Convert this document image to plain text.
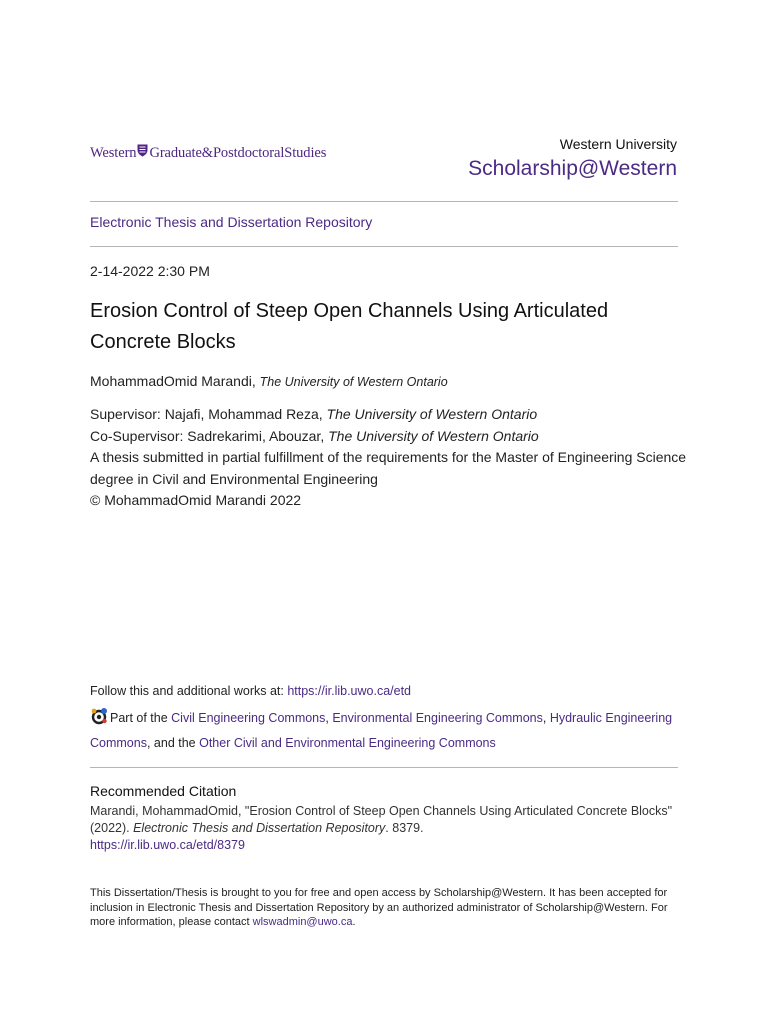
Western Graduate&PostdoctoralStudies
Western University
Scholarship@Western
Electronic Thesis and Dissertation Repository
2-14-2022 2:30 PM
Erosion Control of Steep Open Channels Using Articulated Concrete Blocks
MohammadOmid Marandi, The University of Western Ontario
Supervisor: Najafi, Mohammad Reza, The University of Western Ontario
Co-Supervisor: Sadrekarimi, Abouzar, The University of Western Ontario
A thesis submitted in partial fulfillment of the requirements for the Master of Engineering Science degree in Civil and Environmental Engineering
© MohammadOmid Marandi 2022
Follow this and additional works at: https://ir.lib.uwo.ca/etd
Part of the Civil Engineering Commons, Environmental Engineering Commons, Hydraulic Engineering Commons, and the Other Civil and Environmental Engineering Commons
Recommended Citation
Marandi, MohammadOmid, "Erosion Control of Steep Open Channels Using Articulated Concrete Blocks" (2022). Electronic Thesis and Dissertation Repository. 8379.
https://ir.lib.uwo.ca/etd/8379
This Dissertation/Thesis is brought to you for free and open access by Scholarship@Western. It has been accepted for inclusion in Electronic Thesis and Dissertation Repository by an authorized administrator of Scholarship@Western. For more information, please contact wlswadmin@uwo.ca.
